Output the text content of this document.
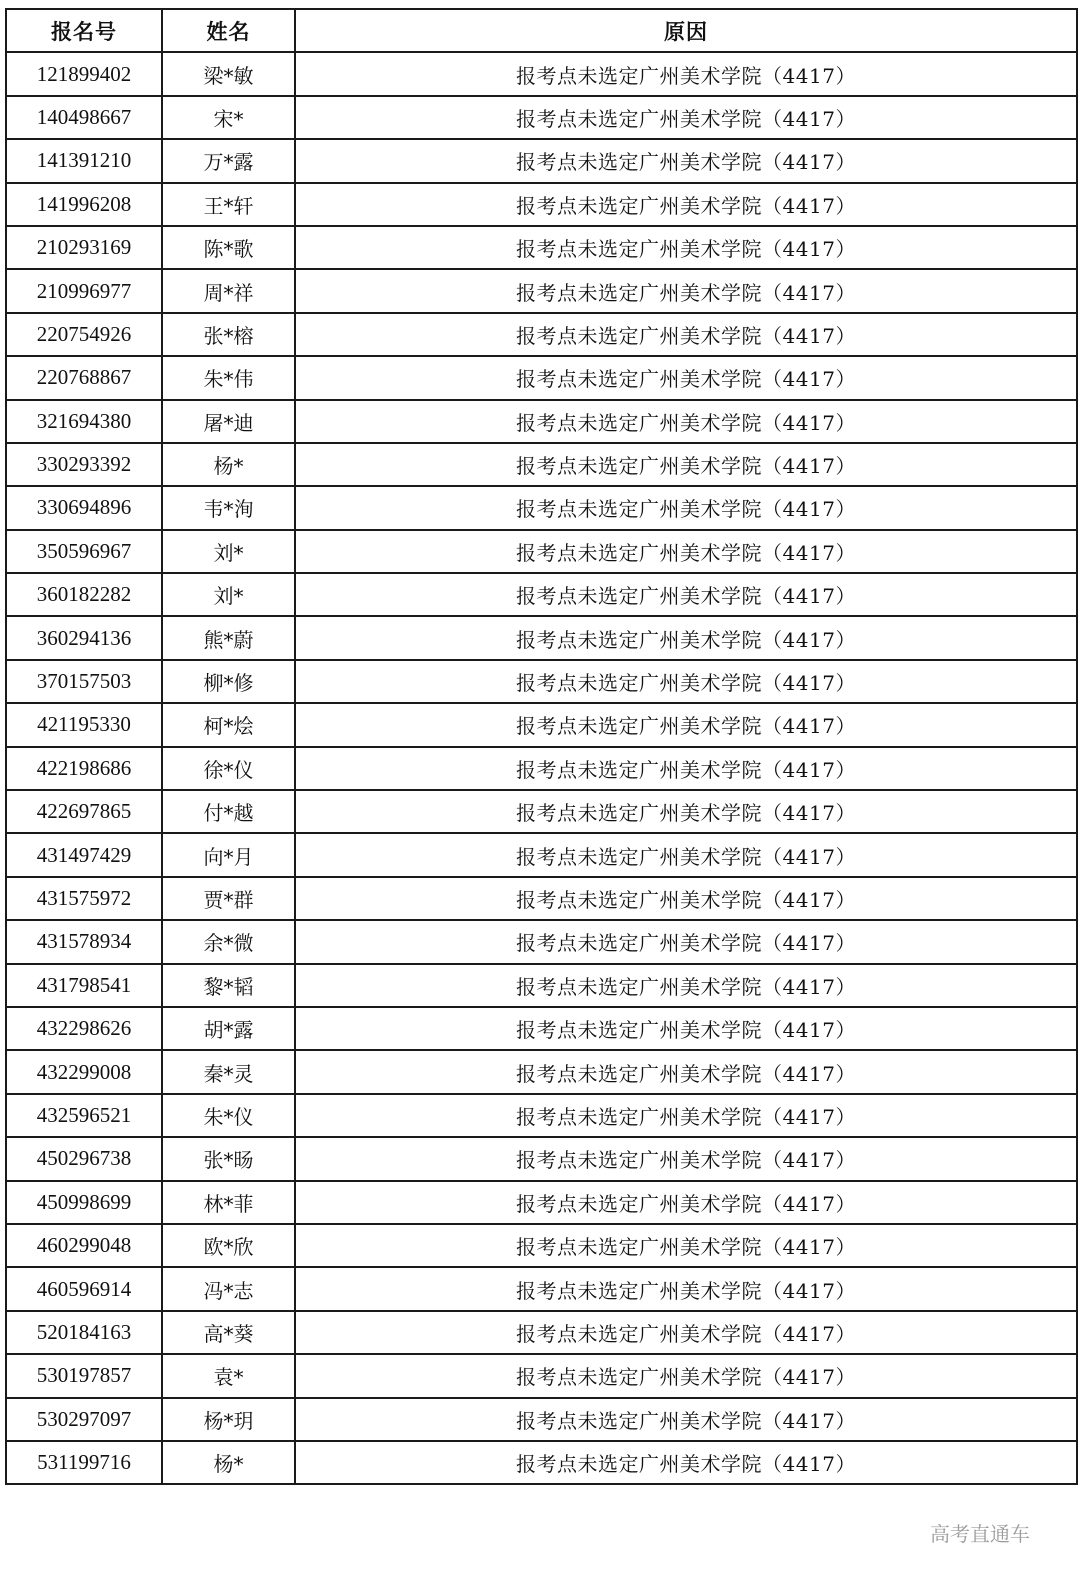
报名号	姓名	原因
121899402	梁*敏	报考点未选定广州美术学院（4417）
140498667	宋*	报考点未选定广州美术学院（4417）
141391210	万*露	报考点未选定广州美术学院（4417）
141996208	王*轩	报考点未选定广州美术学院（4417）
210293169	陈*歌	报考点未选定广州美术学院（4417）
210996977	周*祥	报考点未选定广州美术学院（4417）
220754926	张*榕	报考点未选定广州美术学院（4417）
220768867	朱*伟	报考点未选定广州美术学院（4417）
321694380	屠*迪	报考点未选定广州美术学院（4417）
330293392	杨*	报考点未选定广州美术学院（4417）
330694896	韦*洵	报考点未选定广州美术学院（4417）
350596967	刘*	报考点未选定广州美术学院（4417）
360182282	刘*	报考点未选定广州美术学院（4417）
360294136	熊*蔚	报考点未选定广州美术学院（4417）
370157503	柳*修	报考点未选定广州美术学院（4417）
421195330	柯*烩	报考点未选定广州美术学院（4417）
422198686	徐*仪	报考点未选定广州美术学院（4417）
422697865	付*越	报考点未选定广州美术学院（4417）
431497429	向*月	报考点未选定广州美术学院（4417）
431575972	贾*群	报考点未选定广州美术学院（4417）
431578934	余*微	报考点未选定广州美术学院（4417）
431798541	黎*韬	报考点未选定广州美术学院（4417）
432298626	胡*露	报考点未选定广州美术学院（4417）
432299008	秦*灵	报考点未选定广州美术学院（4417）
432596521	朱*仪	报考点未选定广州美术学院（4417）
450296738	张*旸	报考点未选定广州美术学院（4417）
450998699	林*菲	报考点未选定广州美术学院（4417）
460299048	欧*欣	报考点未选定广州美术学院（4417）
460596914	冯*志	报考点未选定广州美术学院（4417）
520184163	高*葵	报考点未选定广州美术学院（4417）
530197857	袁*	报考点未选定广州美术学院（4417）
530297097	杨*玥	报考点未选定广州美术学院（4417）
531199716	杨*	报考点未选定广州美术学院（4417）
高考直通车
